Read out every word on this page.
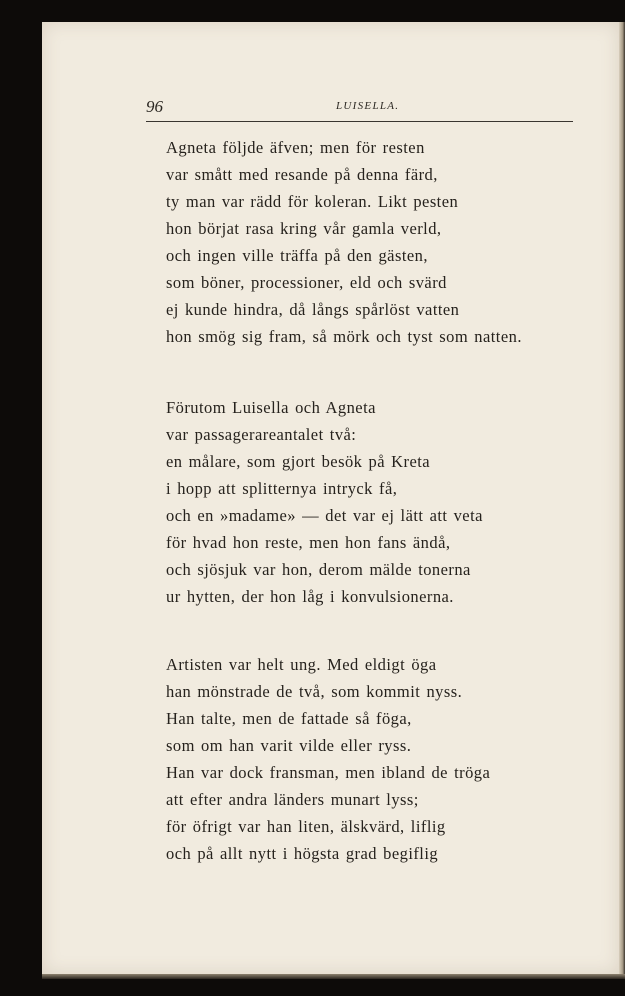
96	LUISELLA.
Agneta följde äfven; men för resten
var smått med resande på denna färd,
ty man var rädd för koleran. Likt pesten
hon börjat rasa kring vår gamla verld,
och ingen ville träffa på den gästen,
som böner, processioner, eld och svärd
ej kunde hindra, då långs spårlöst vatten
hon smög sig fram, så mörk och tyst som natten.
Förutom Luisella och Agneta
var passagerareantalet två:
en målare, som gjort besök på Kreta
i hopp att splitternya intryck få,
och en »madame» — det var ej lätt att veta
för hvad hon reste, men hon fans ändå,
och sjösjuk var hon, derom mälde tonerna
ur hytten, der hon låg i konvulsionerna.
Artisten var helt ung. Med eldigt öga
han mönstrade de två, som kommit nyss.
Han talte, men de fattade så föga,
som om han varit vilde eller ryss.
Han var dock fransman, men ibland de tröga
att efter andra länders munart lyss;
för öfrigt var han liten, älskvärd, liflig
och på allt nytt i högsta grad begiflig
